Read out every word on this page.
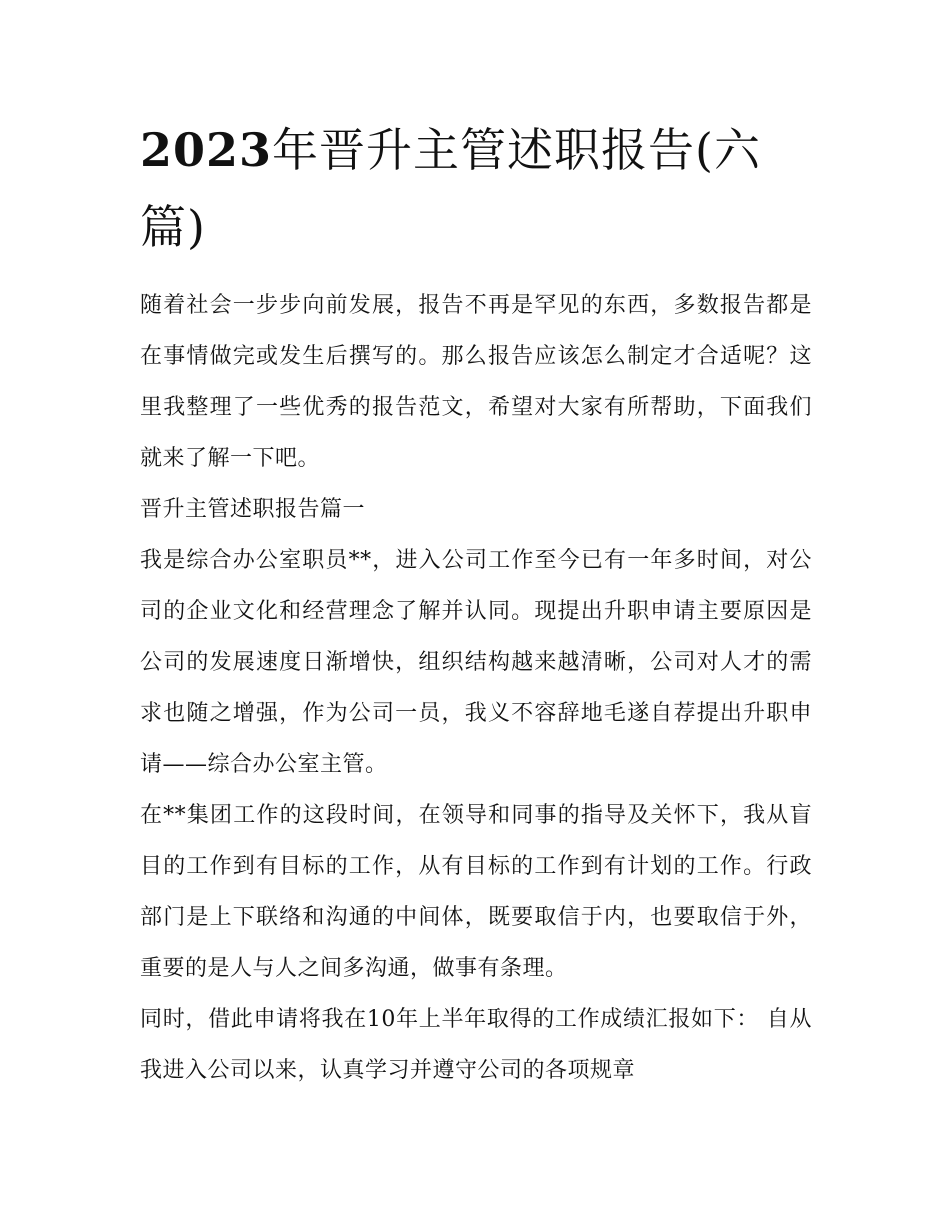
2023年晋升主管述职报告(六篇)

随着社会一步步向前发展，报告不再是罕见的东西，多数报告都是在事情做完或发生后撰写的。那么报告应该怎么制定才合适呢？这里我整理了一些优秀的报告范文，希望对大家有所帮助，下面我们就来了解一下吧。

晋升主管述职报告篇一

我是综合办公室职员**，进入公司工作至今已有一年多时间，对公司的企业文化和经营理念了解并认同。现提出升职申请主要原因是公司的发展速度日渐增快，组织结构越来越清晰，公司对人才的需求也随之增强，作为公司一员，我义不容辞地毛遂自荐提出升职申请——综合办公室主管。

在**集团工作的这段时间，在领导和同事的指导及关怀下，我从盲目的工作到有目标的工作，从有目标的工作到有计划的工作。行政部门是上下联络和沟通的中间体，既要取信于内，也要取信于外，重要的是人与人之间多沟通，做事有条理。

同时，借此申请将我在10年上半年取得的工作成绩汇报如下： 自从我进入公司以来，认真学习并遵守公司的各项规章
